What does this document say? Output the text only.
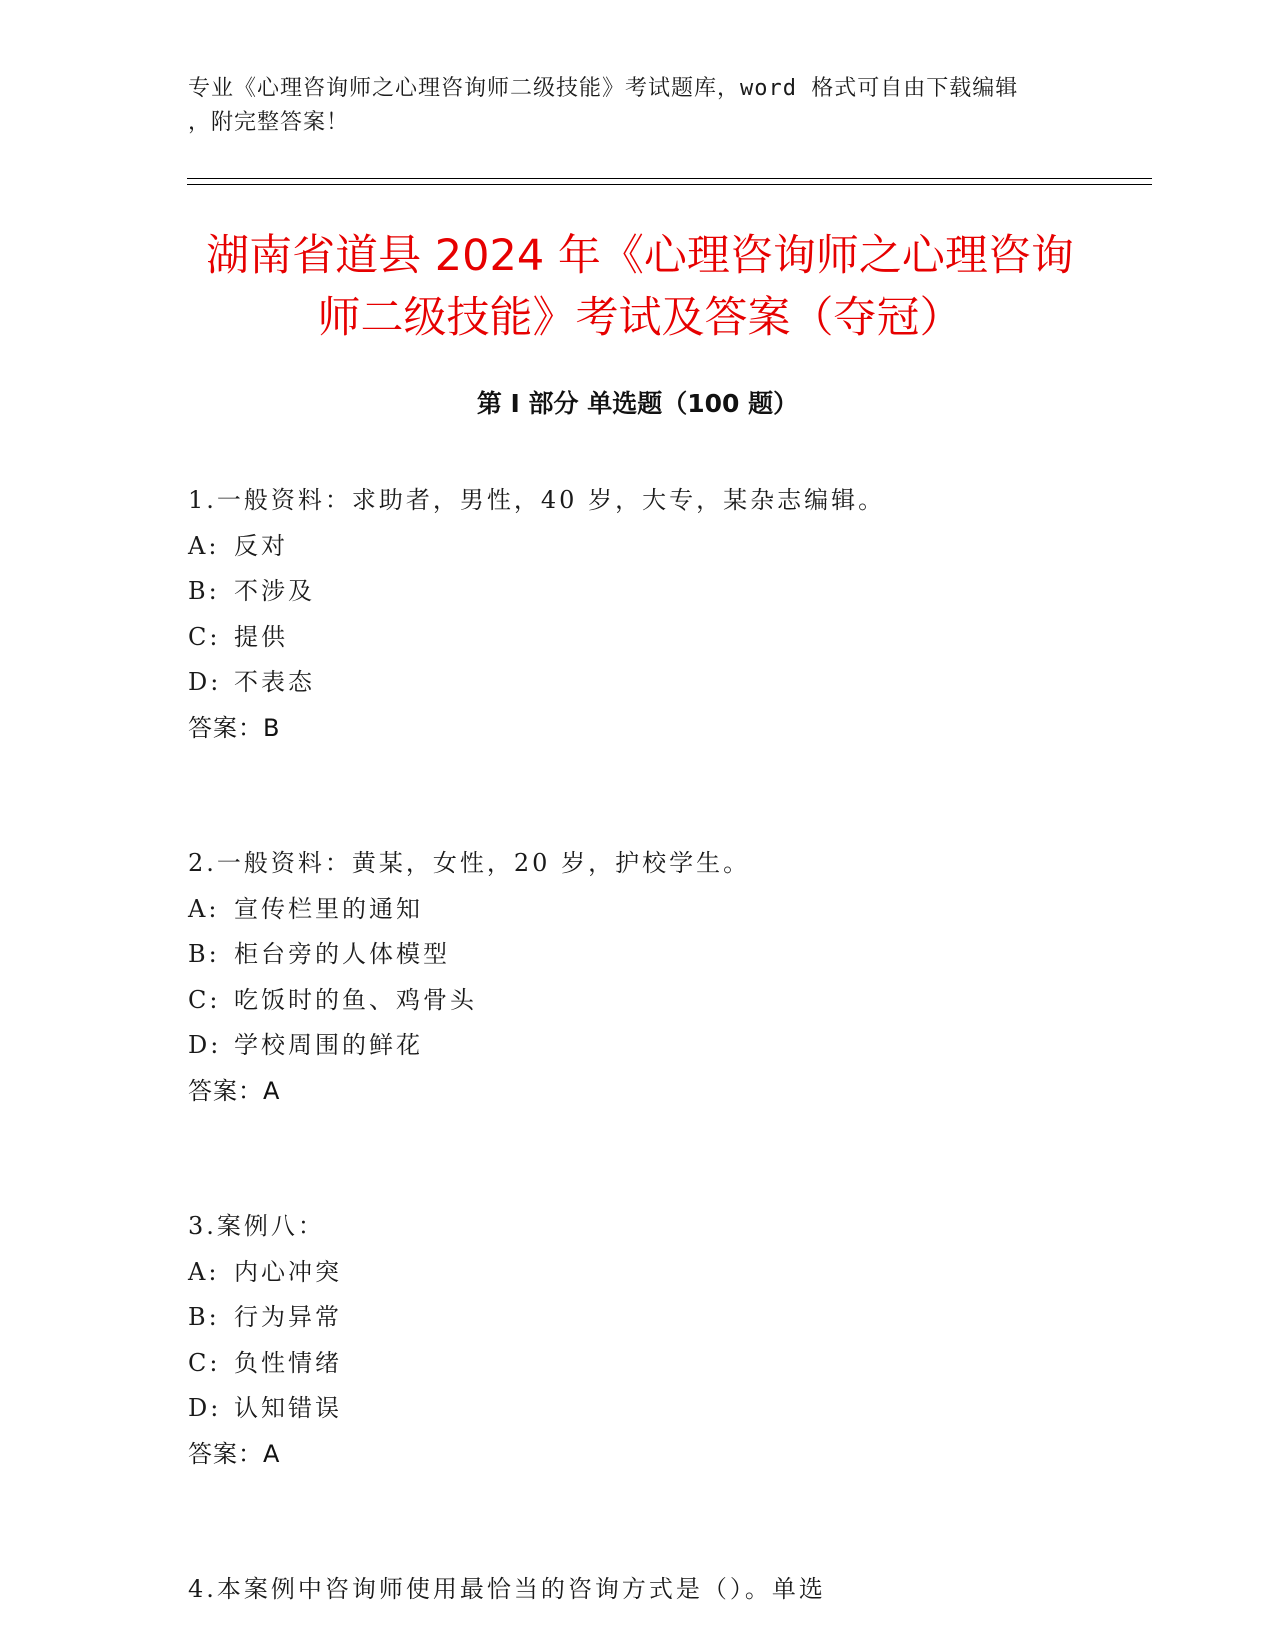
专业《心理咨询师之心理咨询师二级技能》考试题库，word 格式可自由下载编辑
，附完整答案！
湖南省道县 2024 年《心理咨询师之心理咨询
师二级技能》考试及答案（夺冠）
第 I 部分 单选题（100 题）
1.一般资料：求助者，男性，40 岁，大专，某杂志编辑。
A: 反对
B: 不涉及
C: 提供
D: 不表态
答案：B
2.一般资料：黄某，女性，20 岁，护校学生。
A: 宣传栏里的通知
B: 柜台旁的人体模型
C: 吃饭时的鱼、鸡骨头
D: 学校周围的鲜花
答案：A
3.案例八：
A: 内心冲突
B: 行为异常
C: 负性情绪
D: 认知错误
答案：A
4.本案例中咨询师使用最恰当的咨询方式是（）。单选
